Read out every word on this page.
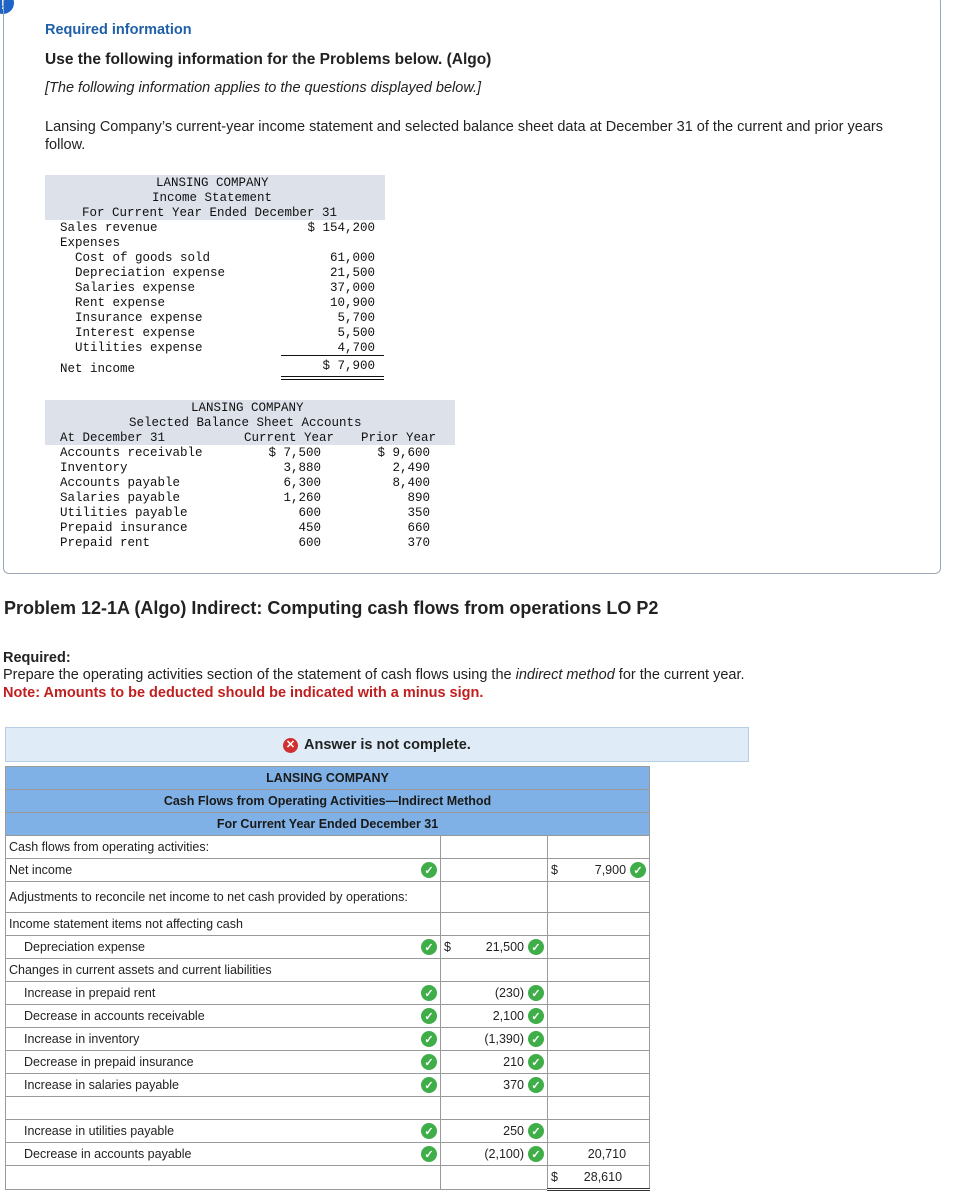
!
Required information
Use the following information for the Problems below. (Algo)
[The following information applies to the questions displayed below.]
Lansing Company’s current-year income statement and selected balance sheet data at December 31 of the current and prior years follow.
LANSING COMPANY
Income Statement
For Current Year Ended December 31
Sales revenue	$ 154,200
Expenses
Cost of goods sold	61,000
Depreciation expense	21,500
Salaries expense	37,000
Rent expense	10,900
Insurance expense	5,700
Interest expense	5,500
Utilities expense	4,700
Net income	$ 7,900
LANSING COMPANY
Selected Balance Sheet Accounts
At December 31	Current Year Prior Year
Accounts receivable	$ 7,500	$ 9,600
Inventory	3,880	2,490
Accounts payable	6,300	8,400
Salaries payable	1,260	890
Utilities payable	600	350
Prepaid insurance	450	660
Prepaid rent	600	370
Problem 12-1A (Algo) Indirect: Computing cash flows from operations LO P2
Required:
Prepare the operating activities section of the statement of cash flows using the indirect method for the current year.
Note: Amounts to be deducted should be indicated with a minus sign.
✕ Answer is not complete.
LANSING COMPANY		
Cash Flows from Operating Activities—Indirect Method		
For Current Year Ended December 31		
Cash flows from operating activities:		

Net income ✓		$ 7,900 ✓

Adjustments to reconcile net income to net cash provided by operations:		
Income statement items not affecting cash		

Depreciation expense ✓	$ 21,500 ✓	

Changes in current assets and current liabilities		

Increase in prepaid rent ✓	(230) ✓	

Decrease in accounts receivable ✓	2,100 ✓	

Increase in inventory ✓	(1,390) ✓	

Decrease in prepaid insurance ✓	210 ✓	

Increase in salaries payable ✓	370 ✓	

Increase in utilities payable ✓	250 ✓	

Decrease in accounts payable ✓	(2,100) ✓	20,710

		$ 28,610
